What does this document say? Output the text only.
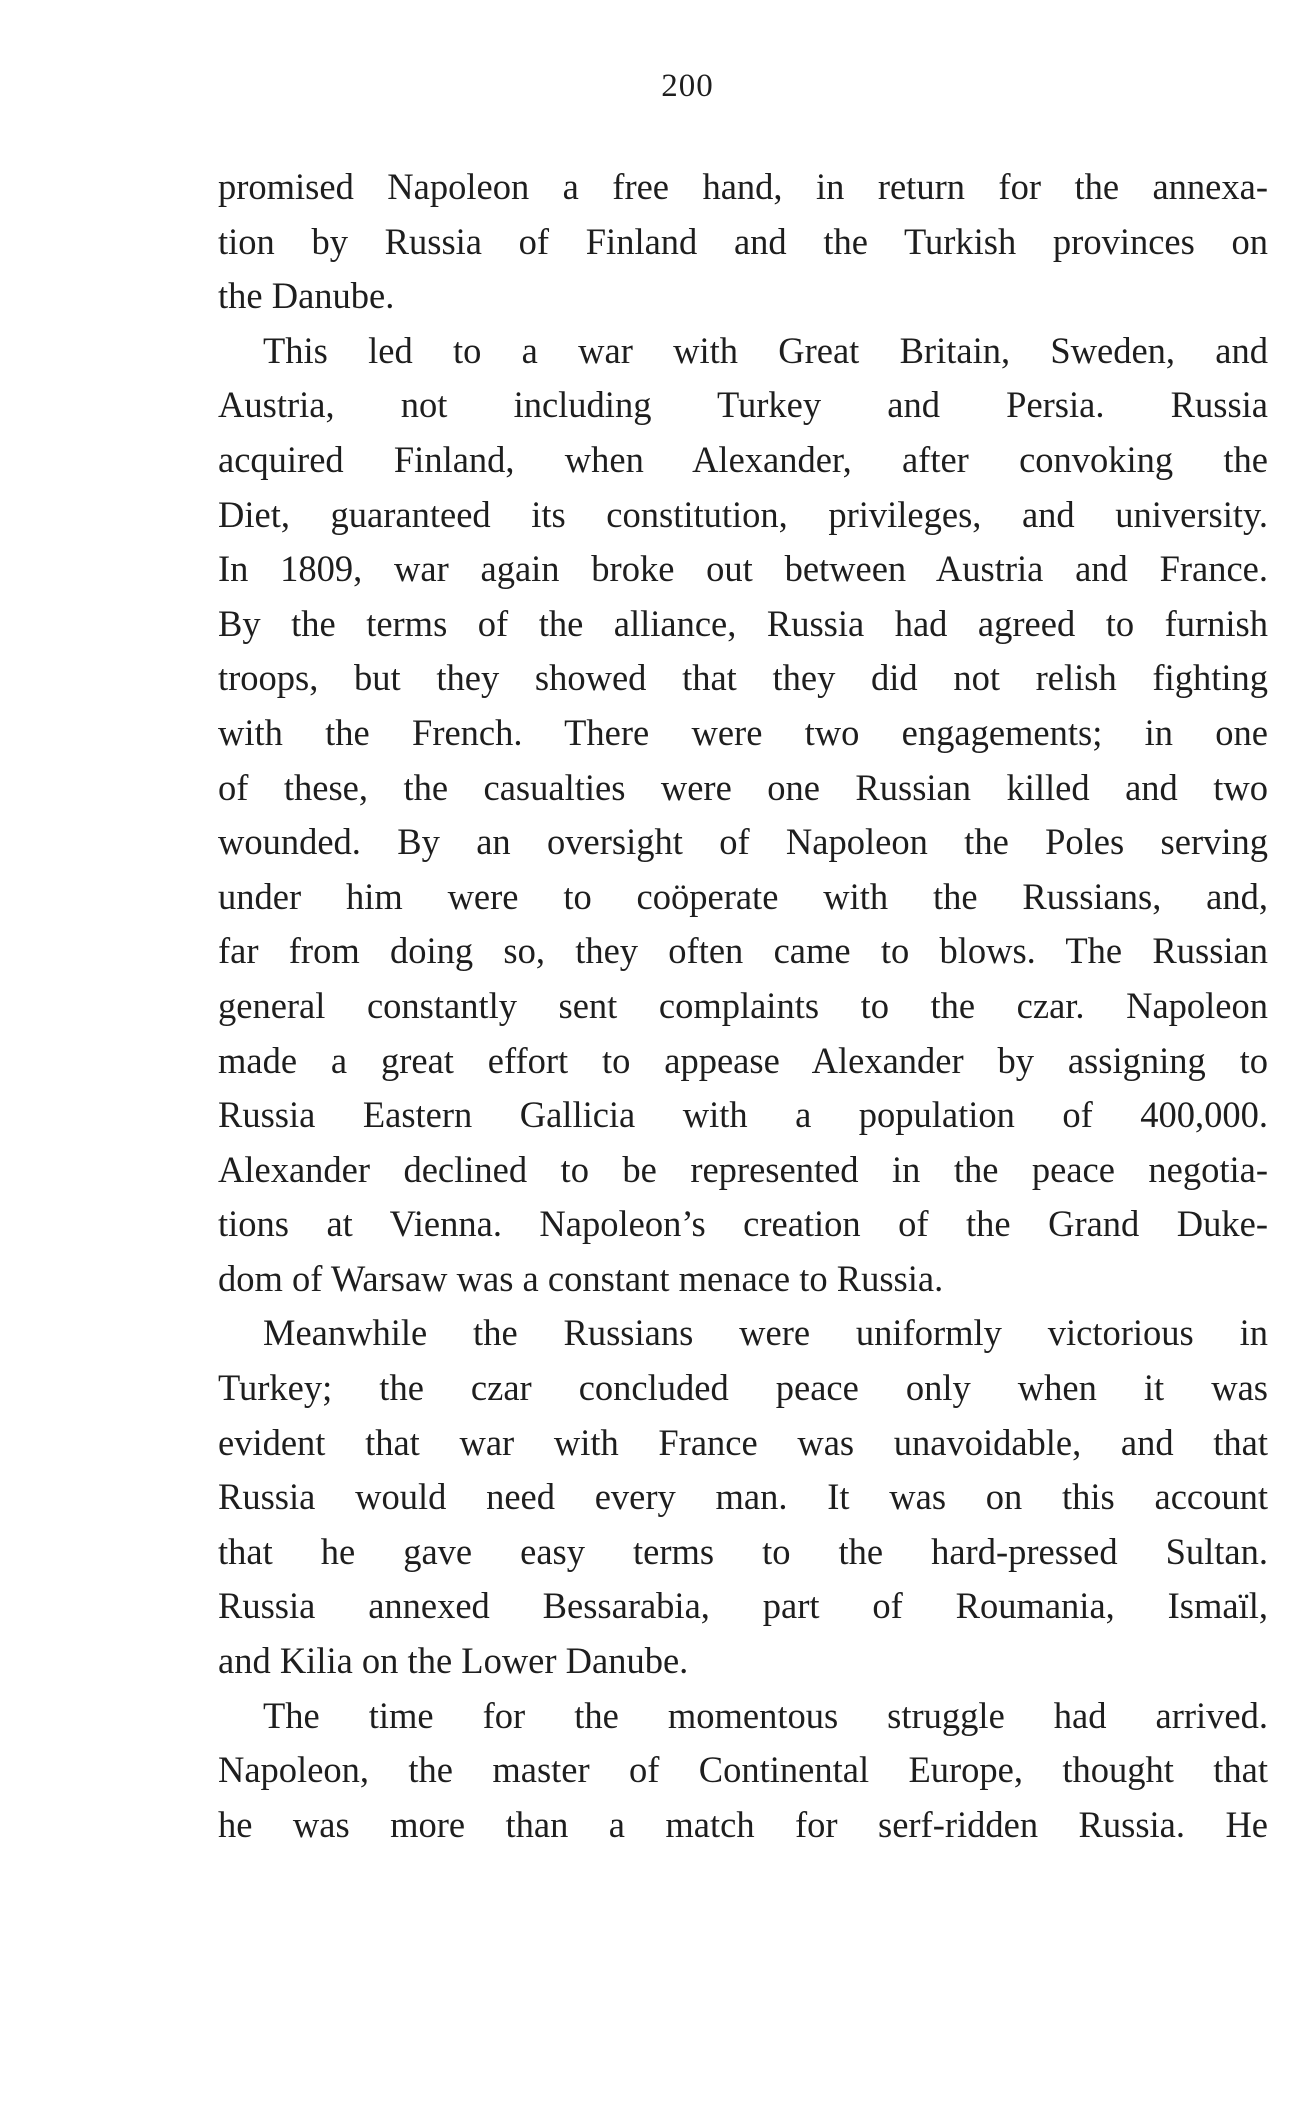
200
promised Napoleon a free hand, in return for the annexa-
tion by Russia of Finland and the Turkish provinces on
the Danube.
This led to a war with Great Britain, Sweden, and
Austria, not including Turkey and Persia. Russia
acquired Finland, when Alexander, after convoking the
Diet, guaranteed its constitution, privileges, and university.
In 1809, war again broke out between Austria and France.
By the terms of the alliance, Russia had agreed to furnish
troops, but they showed that they did not relish fighting
with the French. There were two engagements; in one
of these, the casualties were one Russian killed and two
wounded. By an oversight of Napoleon the Poles serving
under him were to coöperate with the Russians, and,
far from doing so, they often came to blows. The Russian
general constantly sent complaints to the czar. Napoleon
made a great effort to appease Alexander by assigning to
Russia Eastern Gallicia with a population of 400,000.
Alexander declined to be represented in the peace negotia-
tions at Vienna. Napoleon’s creation of the Grand Duke-
dom of Warsaw was a constant menace to Russia.
Meanwhile the Russians were uniformly victorious in
Turkey; the czar concluded peace only when it was
evident that war with France was unavoidable, and that
Russia would need every man. It was on this account
that he gave easy terms to the hard-pressed Sultan.
Russia annexed Bessarabia, part of Roumania, Ismaïl,
and Kilia on the Lower Danube.
The time for the momentous struggle had arrived.
Napoleon, the master of Continental Europe, thought that
he was more than a match for serf-ridden Russia. He
